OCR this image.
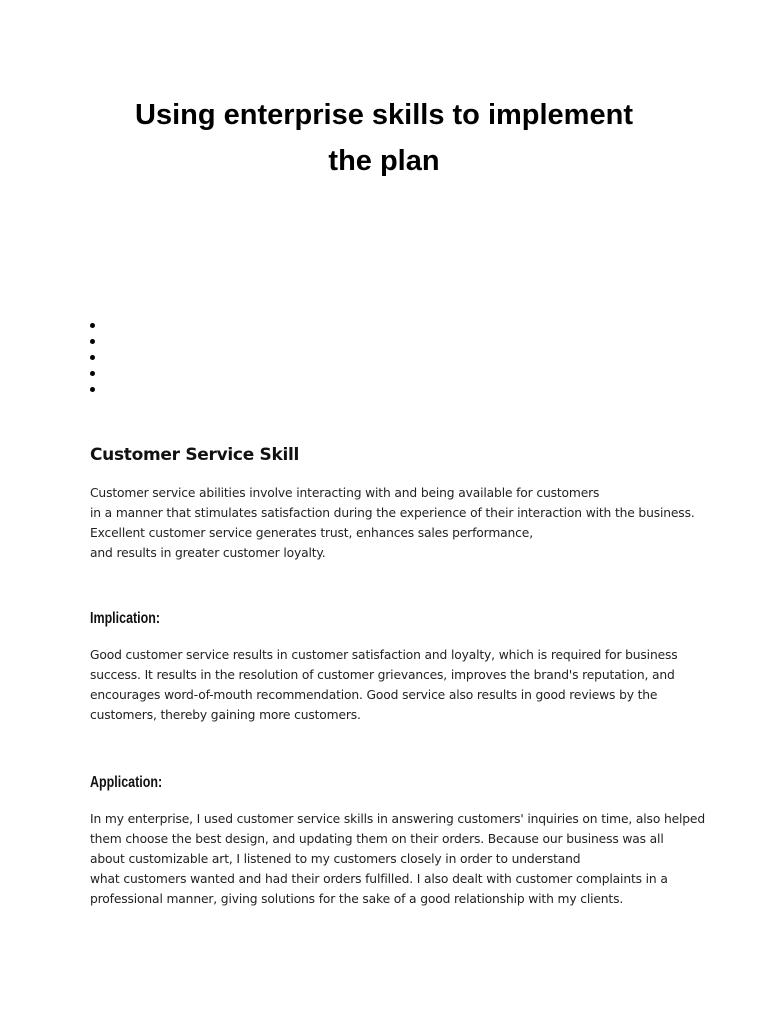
Using enterprise skills to implement
the plan
Customer Service Skill

Customer service abilities involve interacting with and being available for customers
in a manner that stimulates satisfaction during the experience of their interaction with the business.
Excellent customer service generates trust, enhances sales performance,
and results in greater customer loyalty.

Implication:

Good customer service results in customer satisfaction and loyalty, which is required for business
success. It results in the resolution of customer grievances, improves the brand's reputation, and
encourages word-of-mouth recommendation. Good service also results in good reviews by the
customers, thereby gaining more customers.

Application:

In my enterprise, I used customer service skills in answering customers' inquiries on time, also helped
them choose the best design, and updating them on their orders. Because our business was all
about customizable art, I listened to my customers closely in order to understand
what customers wanted and had their orders fulfilled. I also dealt with customer complaints in a
professional manner, giving solutions for the sake of a good relationship with my clients.
